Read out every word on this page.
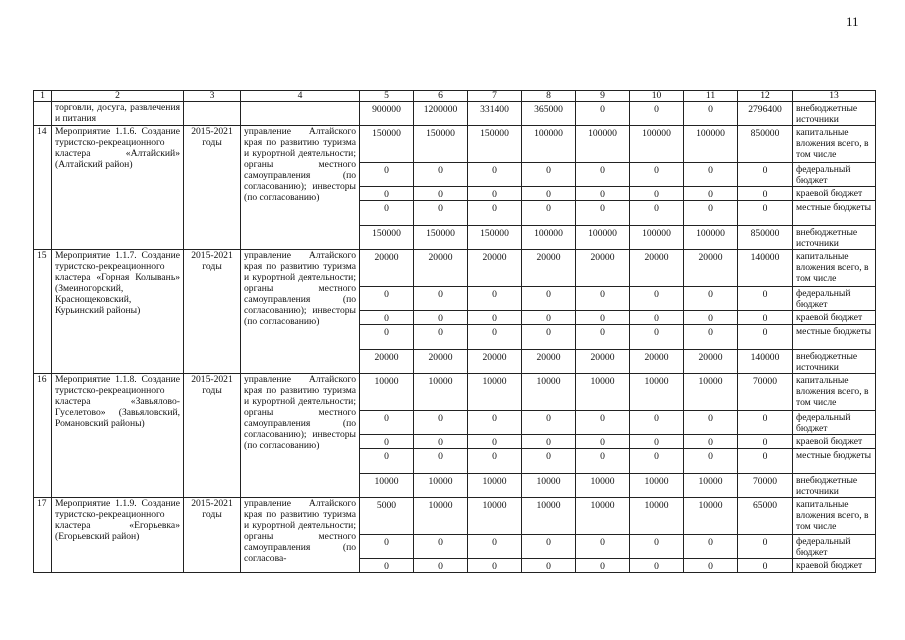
11
1	2	3	4	5	6	7	8	9	10	11	12	13
	торговли, досуга, развлечения и питания			900000	1200000	331400	365000	0	0	0	2796400	внебюджетные источники
14	Мероприятие 1.1.6. Создание туристско-рекреационного кластера «Алтайский» (Алтайский район)	2015-2021 годы	управление Алтайского края по развитию туризма и курортной деятельности; органы местного самоуправления (по согласованию); инвесторы (по согласованию)	150000	150000	150000	100000	100000	100000	100000	850000	капитальные вложения всего, в том числе
				0	0	0	0	0	0	0	0	федеральный бюджет
				0	0	0	0	0	0	0	0	краевой бюджет
				0	0	0	0	0	0	0	0	местные бюджеты
				150000	150000	150000	100000	100000	100000	100000	850000	внебюджетные источники
15	Мероприятие 1.1.7. Создание туристско-рекреационного кластера «Горная Колывань» (Змеиногорский, Краснощековский, Курьинский районы)	2015-2021 годы	управление Алтайского края по развитию туризма и курортной деятельности; органы местного самоуправления (по согласованию); инвесторы (по согласованию)	20000	20000	20000	20000	20000	20000	20000	140000	капитальные вложения всего, в том числе
				0	0	0	0	0	0	0	0	федеральный бюджет
				0	0	0	0	0	0	0	0	краевой бюджет
				0	0	0	0	0	0	0	0	местные бюджеты
				20000	20000	20000	20000	20000	20000	20000	140000	внебюджетные источники
16	Мероприятие 1.1.8. Создание туристско-рекреационного кластера «Завьялово-Гуселетово» (Завьяловский, Романовский районы)	2015-2021 годы	управление Алтайского края по развитию туризма и курортной деятельности; органы местного самоуправления (по согласованию); инвесторы (по согласованию)	10000	10000	10000	10000	10000	10000	10000	70000	капитальные вложения всего, в том числе
				0	0	0	0	0	0	0	0	федеральный бюджет
				0	0	0	0	0	0	0	0	краевой бюджет
				0	0	0	0	0	0	0	0	местные бюджеты
				10000	10000	10000	10000	10000	10000	10000	70000	внебюджетные источники
17	Мероприятие 1.1.9. Создание туристско-рекреационного кластера «Егорьевка» (Егорьевский район)	2015-2021 годы	управление Алтайского края по развитию туризма и курортной деятельности; органы местного самоуправления (по согласова-	5000	10000	10000	10000	10000	10000	10000	65000	капитальные вложения всего, в том числе
				0	0	0	0	0	0	0	0	федеральный бюджет
				0	0	0	0	0	0	0	0	краевой бюджет
